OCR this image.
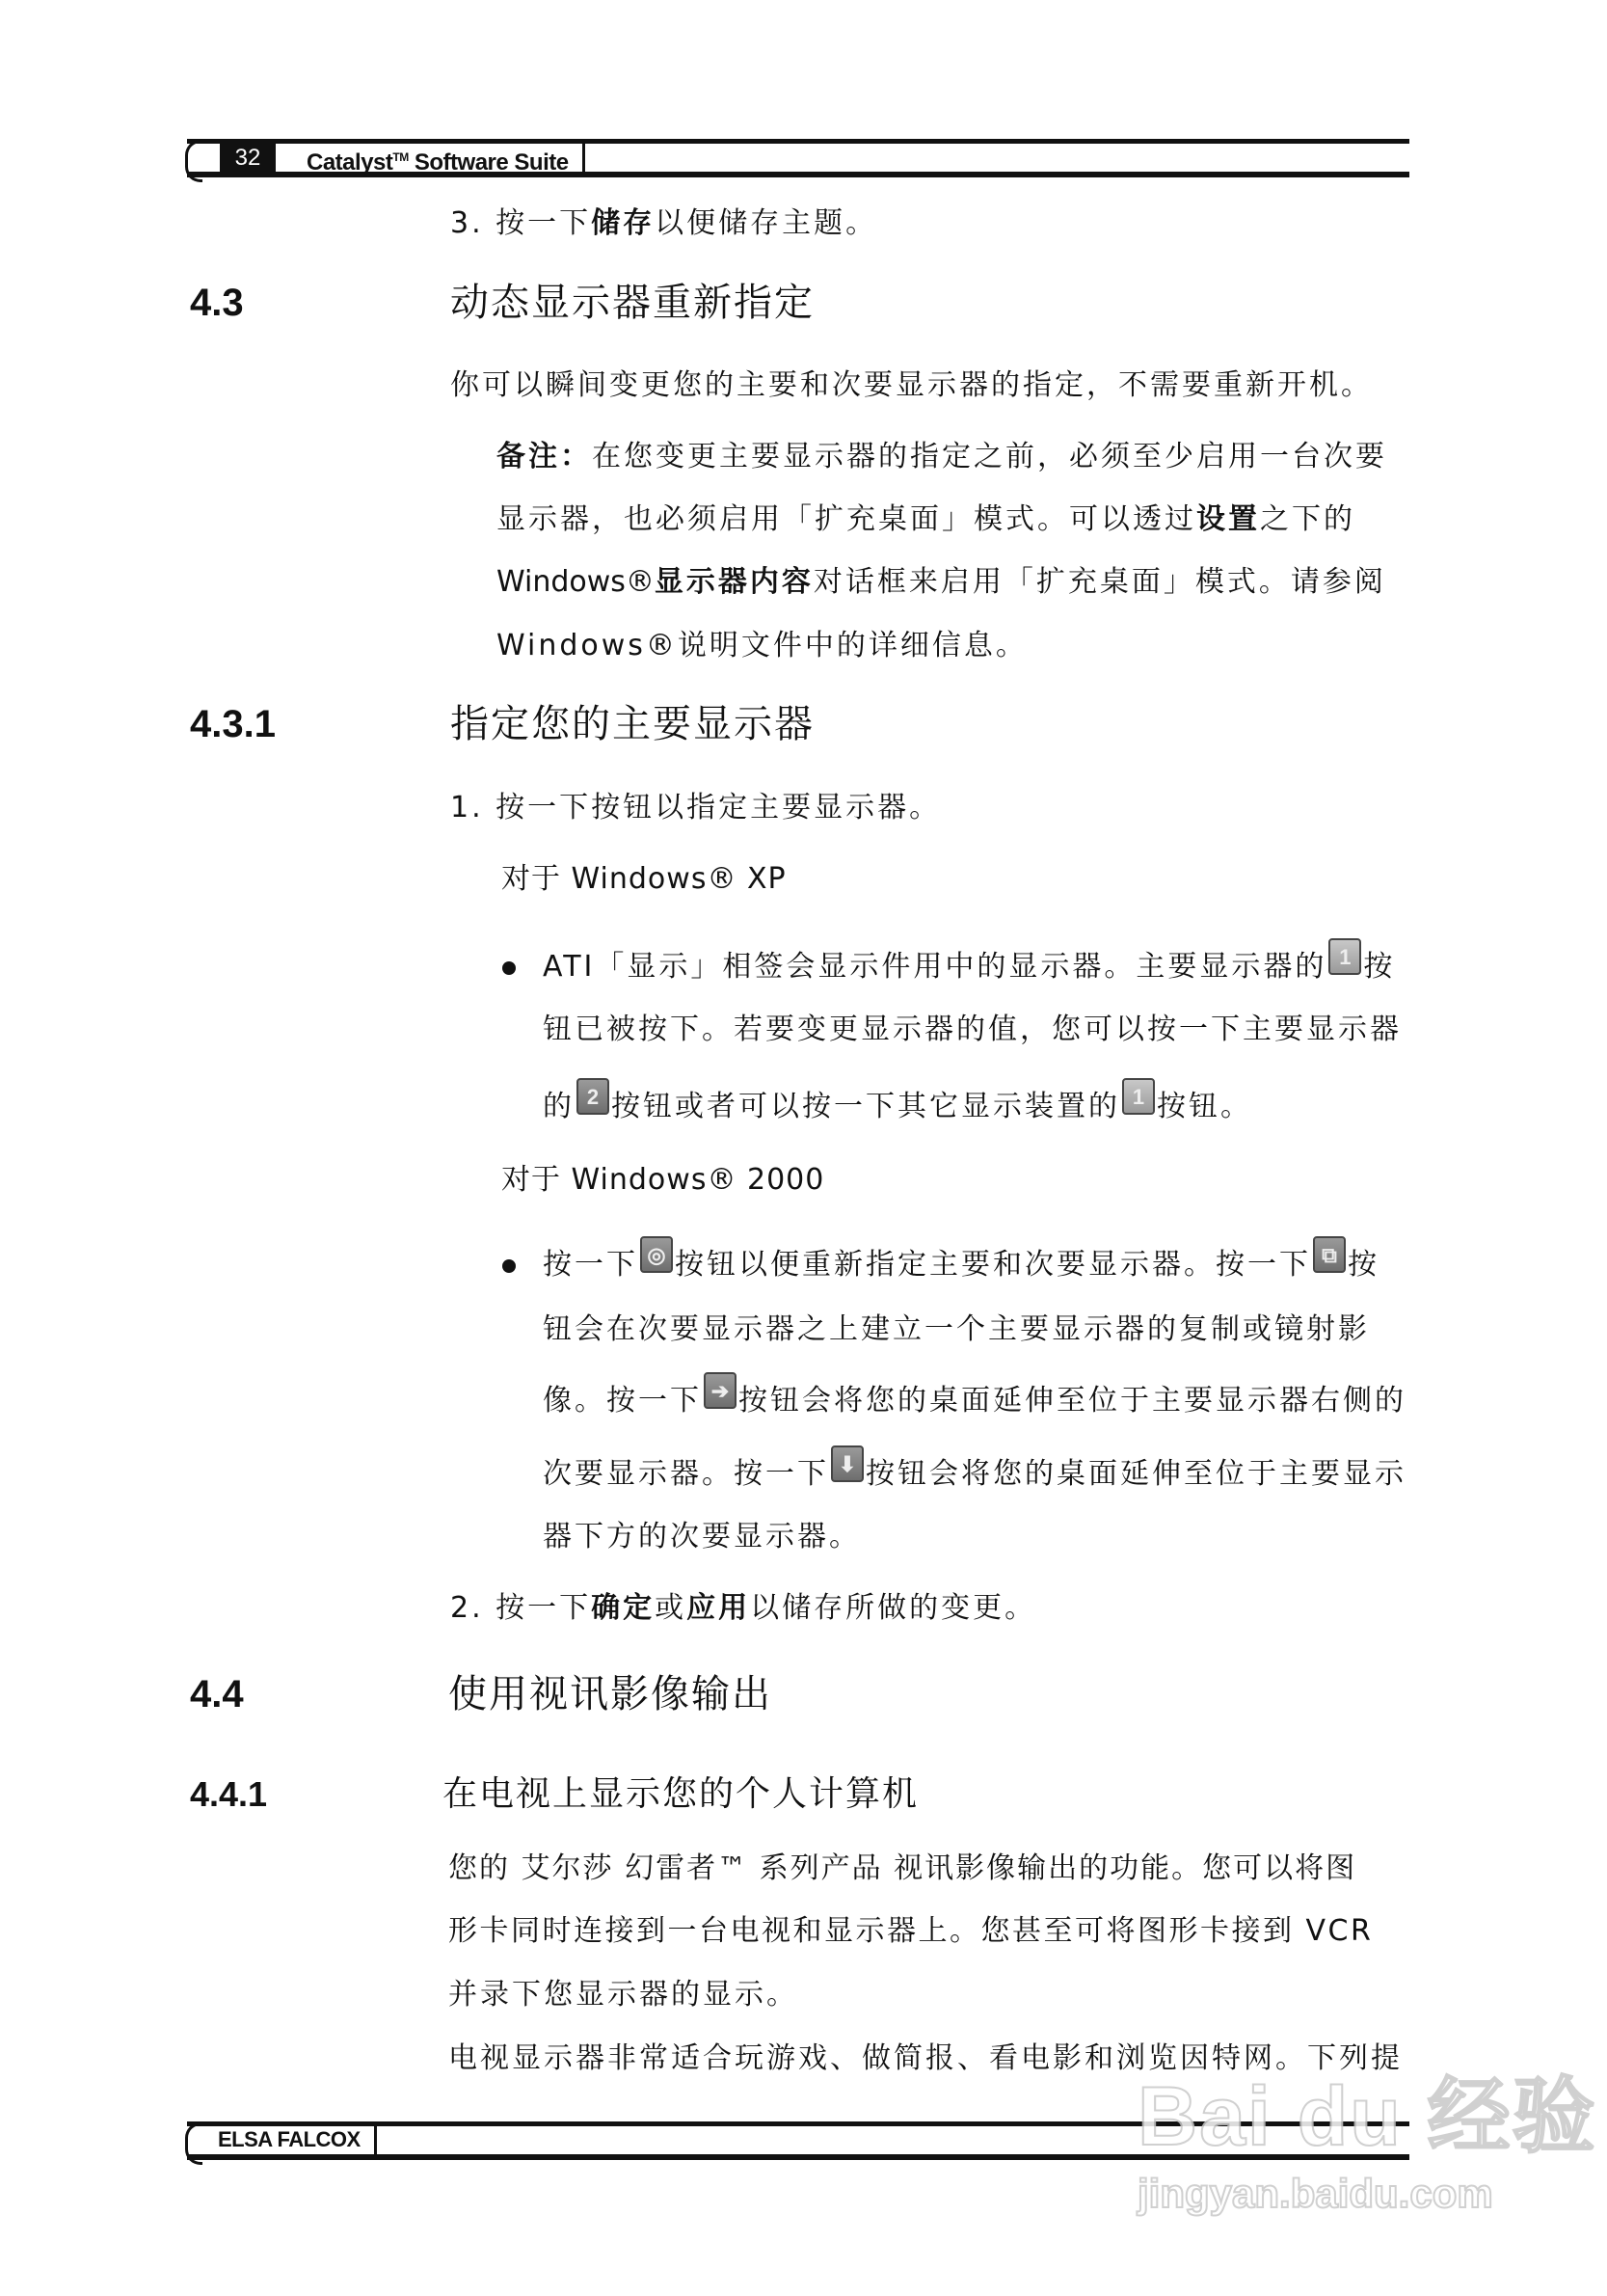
32	Catalyst™ Software Suite
3. 按一下储存以便储存主题。
4.3	动态显示器重新指定
你可以瞬间变更您的主要和次要显示器的指定，不需要重新开机。
备注：在您变更主要显示器的指定之前，必须至少启用一台次要
显示器，也必须启用「扩充桌面」模式。可以透过设置之下的
Windows®显示器内容对话框来启用「扩充桌面」模式。请参阅
Windows®说明文件中的详细信息。
4.3.1	指定您的主要显示器
1. 按一下按钮以指定主要显示器。
对于 Windows® XP
ATI「显示」相签会显示件用中的显示器。主要显示器的 1 按
钮已被按下。若要变更显示器的值，您可以按一下主要显示器
的 2 按钮或者可以按一下其它显示装置的 1 按钮。
对于 Windows® 2000
按一下 ◎ 按钮以便重新指定主要和次要显示器。按一下 ⧉ 按
钮会在次要显示器之上建立一个主要显示器的复制或镜射影
像。按一下 ➔ 按钮会将您的桌面延伸至位于主要显示器右侧的
次要显示器。按一下 ⬇ 按钮会将您的桌面延伸至位于主要显示
器下方的次要显示器。
2. 按一下确定或应用以储存所做的变更。
4.4	使用视讯影像输出
4.4.1	在电视上显示您的个人计算机
您的 艾尔莎 幻雷者™ 系列产品 视讯影像输出的功能。您可以将图
形卡同时连接到一台电视和显示器上。您甚至可将图形卡接到 VCR
并录下您显示器的显示。
电视显示器非常适合玩游戏、做简报、看电影和浏览因特网。下列提
ELSA FALCOX	Bai du 经验
jingyan.baidu.com
